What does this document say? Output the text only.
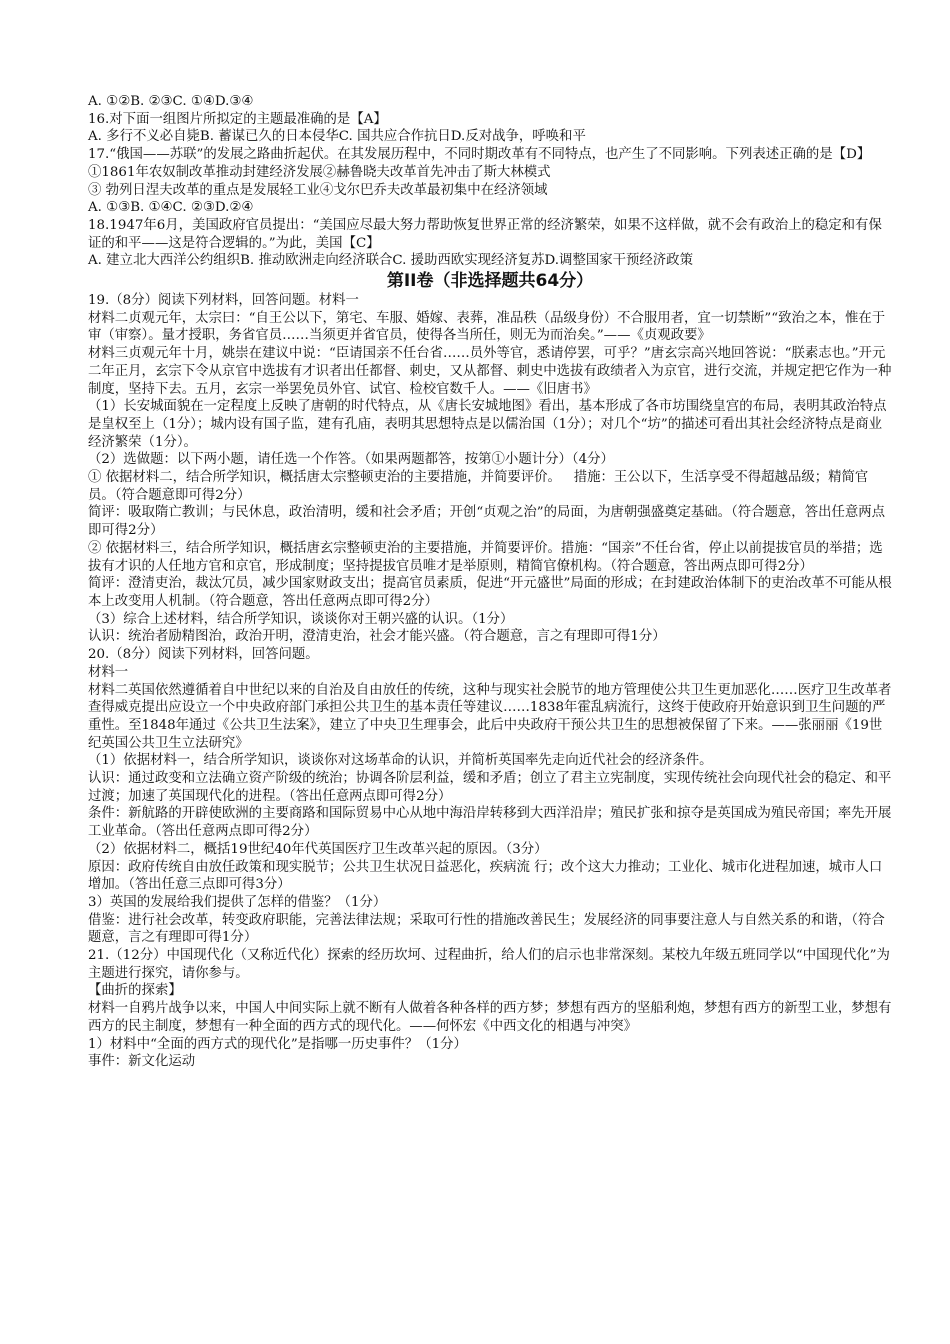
A. ①②B. ②③C. ①④D.③④

16.对下面一组图片所拟定的主题最准确的是【A】

A. 多行不义必自毙B. 蓄谋已久的日本侵华C. 国共应合作抗日D.反对战争，呼唤和平

17.“俄国——苏联”的发展之路曲折起伏。在其发展历程中，不同时期改革有不同特点，也产生了不同影响。下列表述正确的是【D】

①1861年农奴制改革推动封建经济发展②赫鲁晓夫改革首先冲击了斯大林模式

③ 勃列日涅夫改革的重点是发展轻工业④戈尔巴乔夫改革最初集中在经济领域

A. ①③B. ①④C. ②③D.②④

18.1947年6月，美国政府官员提出：“美国应尽最大努力帮助恢复世界正常的经济繁荣，如果不这样做，就不会有政治上的稳定和有保证的和平——这是符合逻辑的。”为此，美国【C】

A. 建立北大西洋公约组织B. 推动欧洲走向经济联合C. 援助西欧实现经济复苏D.调整国家干预经济政策

第II卷（非选择题共64分）

19.（8分）阅读下列材料，回答问题。材料一

材料二贞观元年，太宗曰：“自王公以下，第宅、车服、婚嫁、表葬，准品秩（品级身份）不合服用者，宜一切禁断”“致治之本，惟在于审（审察）。量才授职，务省官员……当须更并省官员，使得各当所任，则无为而治矣。”——《贞观政要》

材料三贞观元年十月，姚崇在建议中说：“臣请国亲不任台省……员外等官，悉请停罢，可乎？”唐玄宗高兴地回答说：“朕素志也。”开元二年正月，玄宗下令从京官中选拔有才识者出任都督、刺史，又从都督、刺史中选拔有政绩者入为京官，进行交流，并规定把它作为一种制度，坚持下去。五月，玄宗一举罢免员外官、试官、检校官数千人。——《旧唐书》

（1）长安城面貌在一定程度上反映了唐朝的时代特点，从《唐长安城地图》看出，基本形成了各市坊围绕皇宫的布局，表明其政治特点是皇权至上（1分）；城内设有国子监，建有孔庙，表明其思想特点是以儒治国（1分）；对几个“坊”的描述可看出其社会经济特点是商业经济繁荣（1分）。

（2）选做题：以下两小题，请任选一个作答。（如果两题都答，按第①小题计分）（4分）

① 依据材料二，结合所学知识，概括唐太宗整顿吏治的主要措施，并简要评价。   措施：王公以下，生活享受不得超越品级；精简官员。（符合题意即可得2分）

简评：吸取隋亡教训；与民休息，政治清明，缓和社会矛盾；开创“贞观之治”的局面，为唐朝强盛奠定基础。（符合题意，答出任意两点即可得2分）

② 依据材料三，结合所学知识，概括唐玄宗整顿吏治的主要措施，并简要评价。措施：“国亲”不任台省，停止以前提拔官员的举措；选拔有才识的人任地方官和京官，形成制度；坚持提拔官员唯才是举原则，精简官僚机构。（符合题意，答出两点即可得2分）

简评：澄清吏治，裁汰冗员，减少国家财政支出；提高官员素质，促进“开元盛世”局面的形成；在封建政治体制下的吏治改革不可能从根本上改变用人机制。（符合题意，答出任意两点即可得2分）

（3）综合上述材料，结合所学知识，谈谈你对王朝兴盛的认识。（1分）

认识：统治者励精图治，政治开明，澄清吏治，社会才能兴盛。（符合题意，言之有理即可得1分）

20.（8分）阅读下列材料，回答问题。

材料一

材料二英国依然遵循着自中世纪以来的自治及自由放任的传统，这种与现实社会脱节的地方管理使公共卫生更加恶化……医疗卫生改革者查得威克提出应设立一个中央政府部门承担公共卫生的基本责任等建议……1838年霍乱病流行，这终于使政府开始意识到卫生问题的严重性。至1848年通过《公共卫生法案》，建立了中央卫生理事会，此后中央政府干预公共卫生的思想被保留了下来。——张丽丽《19世纪英国公共卫生立法研究》

（1）依据材料一，结合所学知识，谈谈你对这场革命的认识，并简析英国率先走向近代社会的经济条件。

认识：通过政变和立法确立资产阶级的统治；协调各阶层利益，缓和矛盾；创立了君主立宪制度，实现传统社会向现代社会的稳定、和平过渡；加速了英国现代化的进程。（答出任意两点即可得2分）

条件：新航路的开辟使欧洲的主要商路和国际贸易中心从地中海沿岸转移到大西洋沿岸；殖民扩张和掠夺是英国成为殖民帝国；率先开展工业革命。（答出任意两点即可得2分）

（2）依据材料二，概括19世纪40年代英国医疗卫生改革兴起的原因。（3分）

原因：政府传统自由放任政策和现实脱节；公共卫生状况日益恶化，疾病流 行；改个这大力推动；工业化、城市化进程加速，城市人口增加。（答出任意三点即可得3分）

3）英国的发展给我们提供了怎样的借鉴？（1分）

借鉴：进行社会改革，转变政府职能，完善法律法规；采取可行性的措施改善民生；发展经济的同事要注意人与自然关系的和谐，（符合题意，言之有理即可得1分）

21.（12分）中国现代化（又称近代化）探索的经历坎坷、过程曲折，给人们的启示也非常深刻。某校九年级五班同学以“中国现代化”为主题进行探究，请你参与。

【曲折的探索】

材料一自鸦片战争以来，中国人中间实际上就不断有人做着各种各样的西方梦；梦想有西方的坚船利炮，梦想有西方的新型工业，梦想有西方的民主制度，梦想有一种全面的西方式的现代化。——何怀宏《中西文化的相遇与冲突》

1）材料中“全面的西方式的现代化”是指哪一历史事件？（1分）

事件：新文化运动
